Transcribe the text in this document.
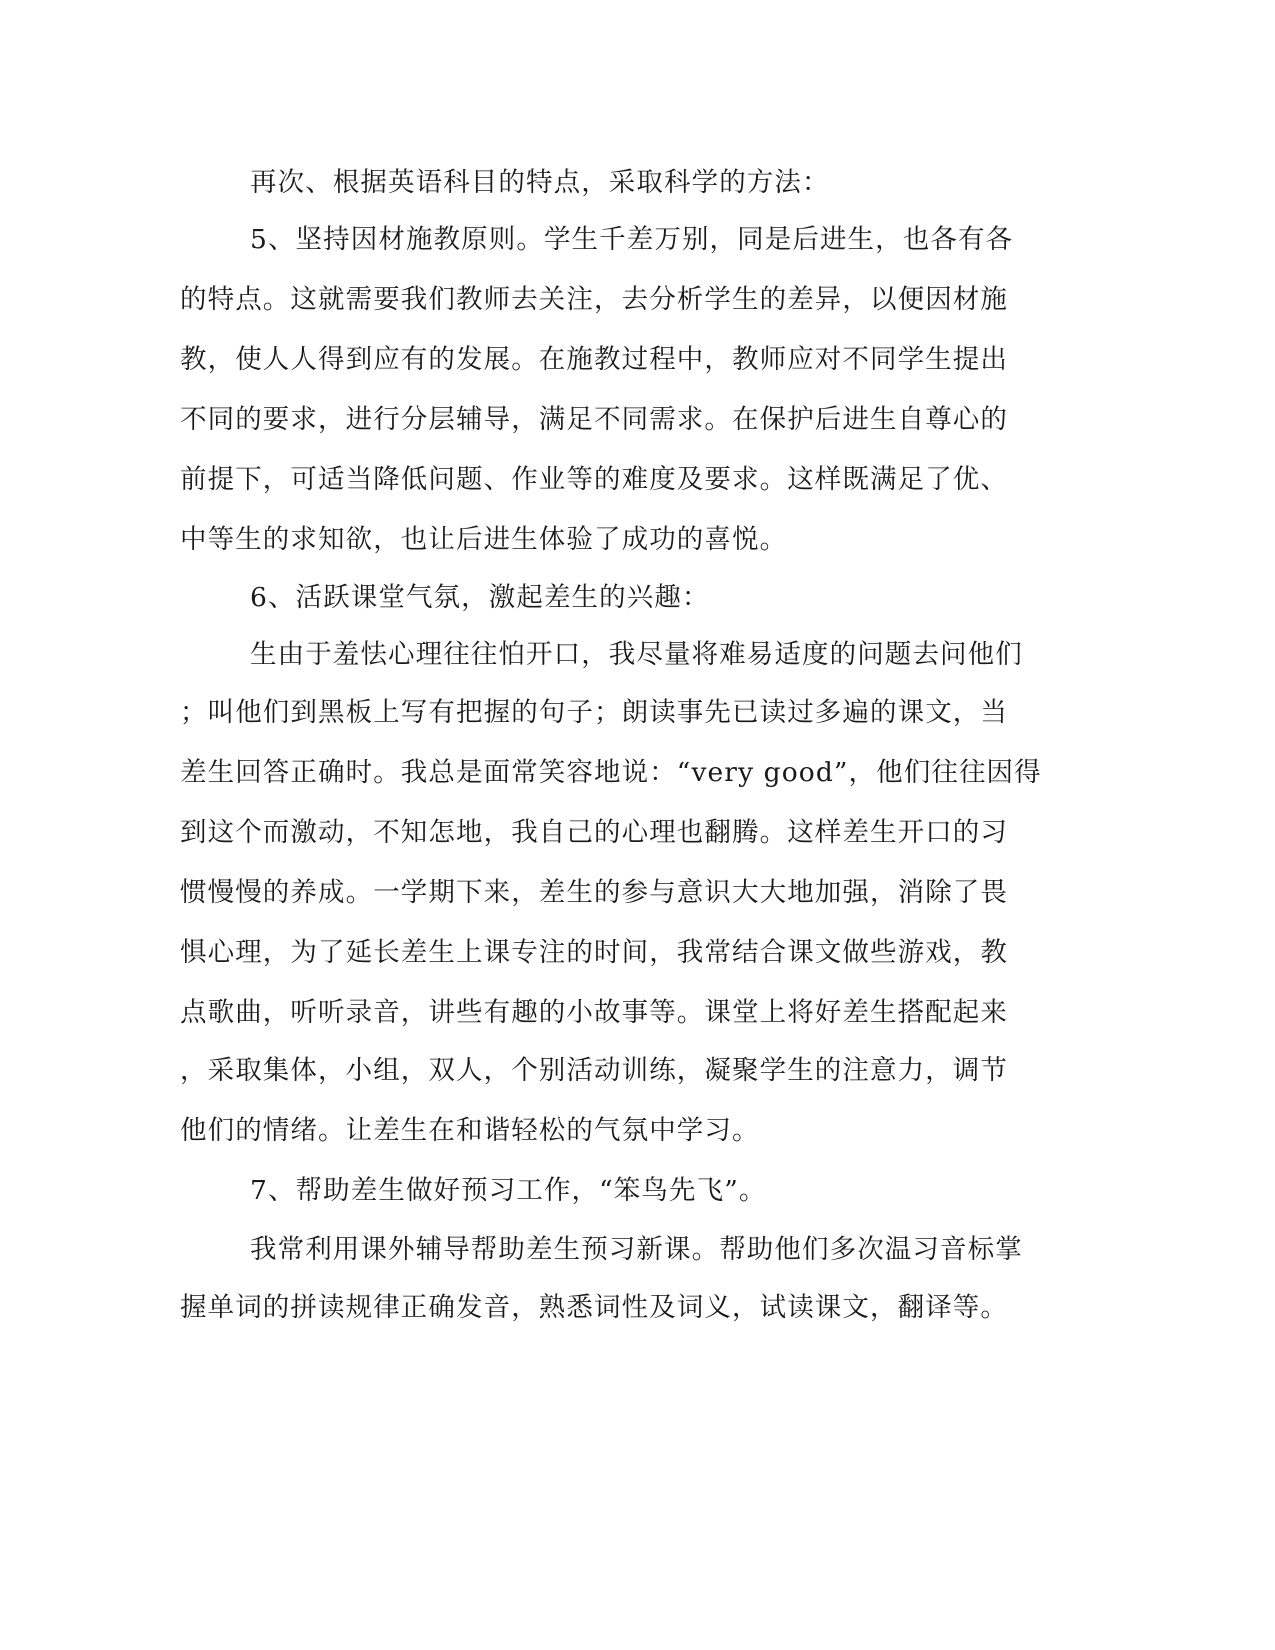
再次、根据英语科目的特点，采取科学的方法：
5、坚持因材施教原则。学生千差万别，同是后进生，也各有各
的特点。这就需要我们教师去关注，去分析学生的差异，以便因材施
教，使人人得到应有的发展。在施教过程中，教师应对不同学生提出
不同的要求，进行分层辅导，满足不同需求。在保护后进生自尊心的
前提下，可适当降低问题、作业等的难度及要求。这样既满足了优、
中等生的求知欲，也让后进生体验了成功的喜悦。
6、活跃课堂气氛，激起差生的兴趣：
生由于羞怯心理往往怕开口，我尽量将难易适度的问题去问他们
；叫他们到黑板上写有把握的句子；朗读事先已读过多遍的课文，当
差生回答正确时。我总是面常笑容地说：“very good”，他们往往因得
到这个而激动，不知怎地，我自己的心理也翻腾。这样差生开口的习
惯慢慢的养成。一学期下来，差生的参与意识大大地加强，消除了畏
惧心理，为了延长差生上课专注的时间，我常结合课文做些游戏，教
点歌曲，听听录音，讲些有趣的小故事等。课堂上将好差生搭配起来
，采取集体，小组，双人，个别活动训练，凝聚学生的注意力，调节
他们的情绪。让差生在和谐轻松的气氛中学习。
7、帮助差生做好预习工作，“笨鸟先飞”。
我常利用课外辅导帮助差生预习新课。帮助他们多次温习音标掌
握单词的拼读规律正确发音，熟悉词性及词义，试读课文，翻译等。
